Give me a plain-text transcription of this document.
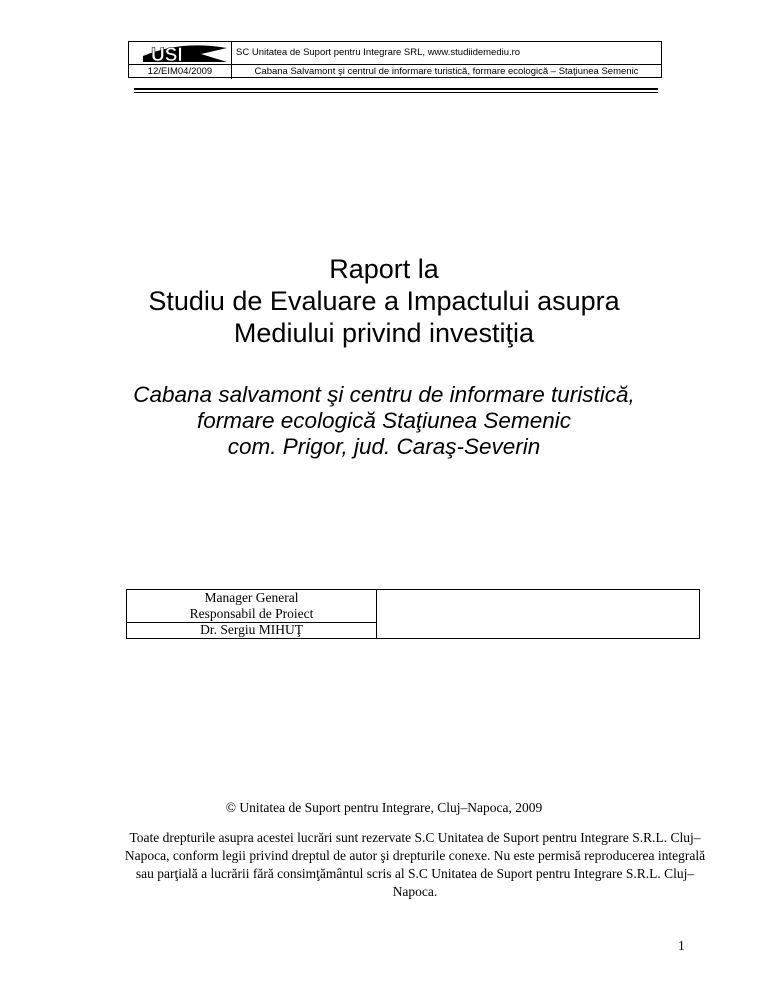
USI	SC Unitatea de Suport pentru Integrare SRL, www.studiidemediu.ro
12/EIM04/2009	Cabana Salvamont şi centrul de informare turistică, formare ecologică – Staţiunea Semenic
Raport la
Studiu de Evaluare a Impactului asupra
Mediului privind investiţia
Cabana salvamont şi centru de informare turistică,
formare ecologică Staţiunea Semenic
com. Prigor, jud. Caraş-Severin
Manager General
Responsabil de Proiect
Dr. Sergiu MIHUŢ
© Unitatea de Suport pentru Integrare, Cluj–Napoca, 2009
Toate drepturile asupra acestei lucrări sunt rezervate S.C Unitatea de Suport pentru Integrare S.R.L. Cluj–Napoca, conform legii privind dreptul de autor şi drepturile conexe. Nu este permisă reproducerea integrală sau parţială a lucrării fără consimţământul scris al S.C Unitatea de Suport pentru Integrare S.R.L. Cluj–Napoca.
1
